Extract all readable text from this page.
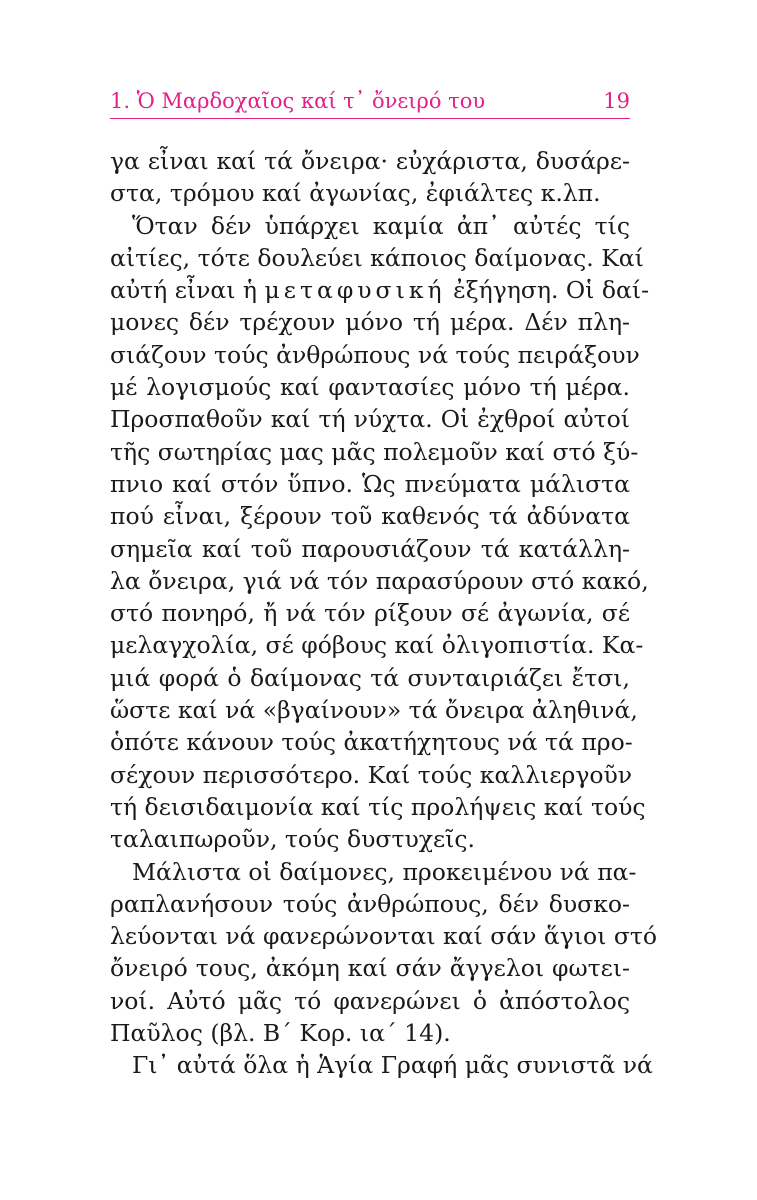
1. Ὁ Μαρδοχαῖος καί τ᾽ ὄνειρό του	19
γα εἶναι καί τά ὄνειρα· εὐχάριστα, δυσάρε-
στα, τρόμου καί ἀγωνίας, ἐφιάλτες κ.λπ.
Ὅταν δέν ὑπάρχει καμία ἀπ᾽ αὐτές τίς
αἰτίες, τότε δουλεύει κάποιος δαίμονας. Καί
αὐτή εἶναι ἡ μεταφυσική ἐξήγηση. Οἱ δαί-
μονες δέν τρέχουν μόνο τή μέρα. Δέν πλη-
σιάζουν τούς ἀνθρώπους νά τούς πειράξουν
μέ λογισμούς καί φαντασίες μόνο τή μέρα.
Προσπαθοῦν καί τή νύχτα. Οἱ ἐχθροί αὐτοί
τῆς σωτηρίας μας μᾶς πολεμοῦν καί στό ξύ-
πνιο καί στόν ὕπνο. Ὡς πνεύματα μάλιστα
πού εἶναι, ξέρουν τοῦ καθενός τά ἀδύνατα
σημεῖα καί τοῦ παρουσιάζουν τά κατάλλη-
λα ὄνειρα, γιά νά τόν παρασύρουν στό κακό,
στό πονηρό, ἤ νά τόν ρίξουν σέ ἀγωνία, σέ
μελαγχολία, σέ φόβους καί ὀλιγοπιστία. Κα-
μιά φορά ὁ δαίμονας τά συνταιριάζει ἔτσι,
ὥστε καί νά «βγαίνουν» τά ὄνειρα ἀληθινά,
ὁπότε κάνουν τούς ἀκατήχητους νά τά προ-
σέχουν περισσότερο. Καί τούς καλλιεργοῦν
τή δεισιδαιμονία καί τίς προλήψεις καί τούς
ταλαιπωροῦν, τούς δυστυχεῖς.
Μάλιστα οἱ δαίμονες, προκειμένου νά πα-
ραπλανήσουν τούς ἀνθρώπους, δέν δυσκο-
λεύονται νά φανερώνονται καί σάν ἅγιοι στό
ὄνειρό τους, ἀκόμη καί σάν ἄγγελοι φωτει-
νοί. Αὐτό μᾶς τό φανερώνει ὁ ἀπόστολος
Παῦλος (βλ. Β΄ Κορ. ια΄ 14).
Γι᾽ αὐτά ὅλα ἡ Ἁγία Γραφή μᾶς συνιστᾶ νά
